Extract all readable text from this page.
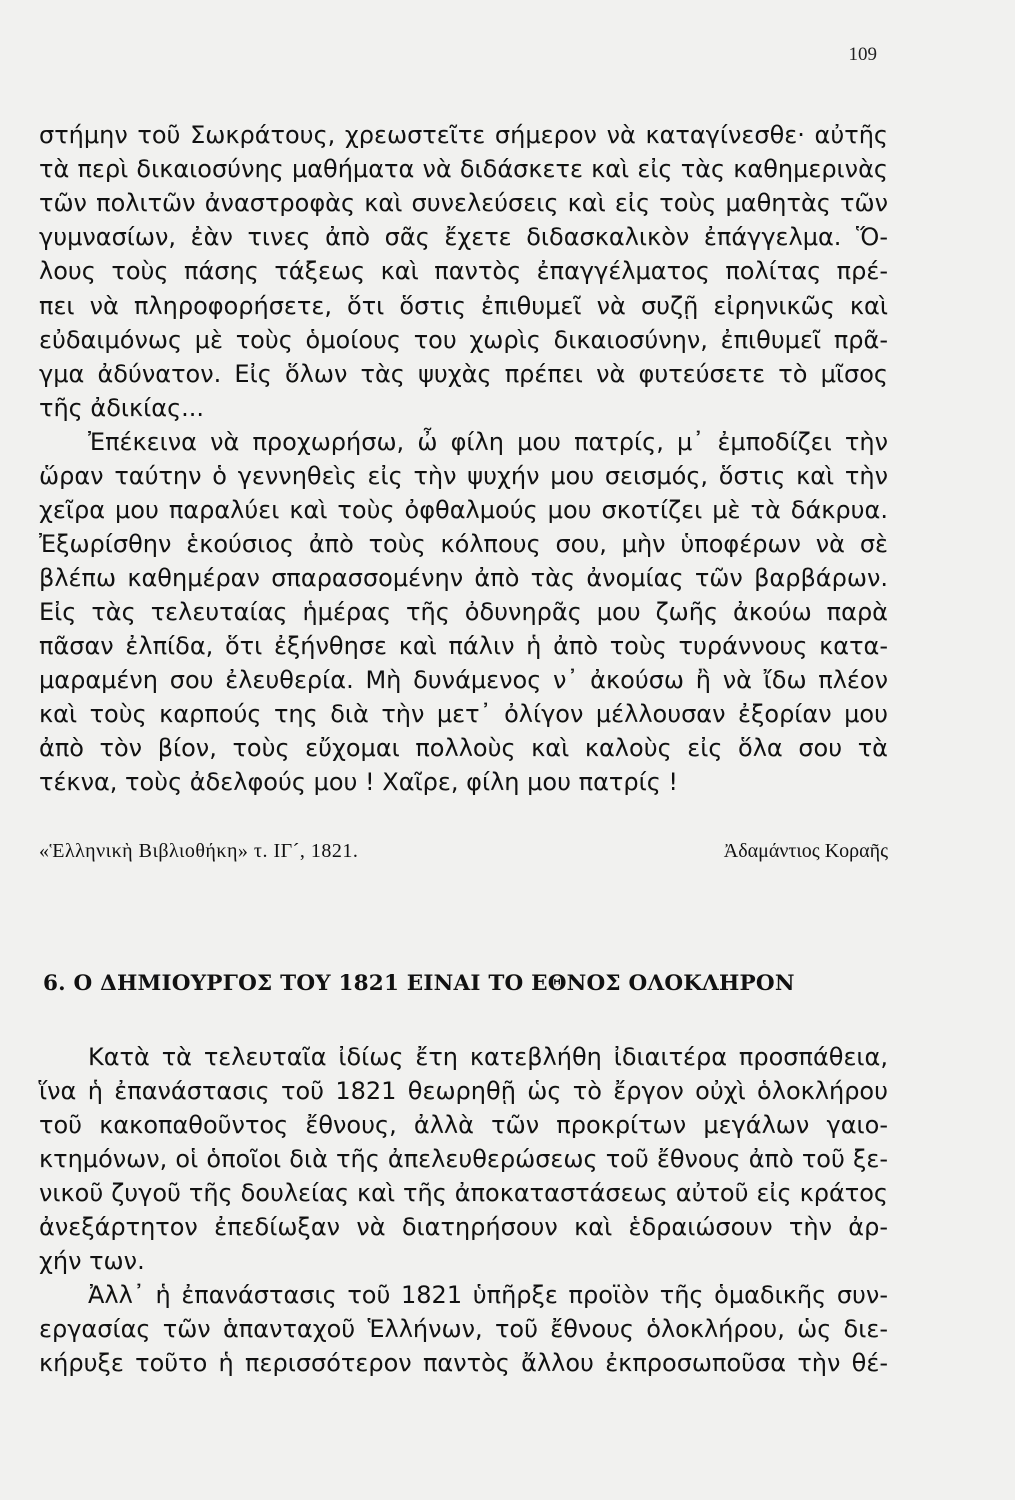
109
στήμην τοῦ Σωκράτους, χρεωστεῖτε σήμερον νὰ καταγίνεσθε· αὐτῆς
τὰ περὶ δικαιοσύνης μαθήματα νὰ διδάσκετε καὶ εἰς τὰς καθημερινὰς
τῶν πολιτῶν ἀναστροφὰς καὶ συνελεύσεις καὶ εἰς τοὺς μαθητὰς τῶν
γυμνασίων, ἐὰν τινες ἀπὸ σᾶς ἔχετε διδασκαλικὸν ἐπάγγελμα. Ὅ-
λους τοὺς πάσης τάξεως καὶ παντὸς ἐπαγγέλματος πολίτας πρέ-
πει νὰ πληροφορήσετε, ὅτι ὅστις ἐπιθυμεῖ νὰ συζῇ εἰρηνικῶς καὶ
εὐδαιμόνως μὲ τοὺς ὁμοίους του χωρὶς δικαιοσύνην, ἐπιθυμεῖ πρᾶ-
γμα ἀδύνατον. Εἰς ὅλων τὰς ψυχὰς πρέπει νὰ φυτεύσετε τὸ μῖσος
τῆς ἀδικίας...
Ἐπέκεινα νὰ προχωρήσω, ὦ φίλη μου πατρίς, μ᾽ ἐμποδίζει τὴν
ὥραν ταύτην ὁ γεννηθεὶς εἰς τὴν ψυχήν μου σεισμός, ὅστις καὶ τὴν
χεῖρα μου παραλύει καὶ τοὺς ὀφθαλμούς μου σκοτίζει μὲ τὰ δάκρυα.
Ἐξωρίσθην ἑκούσιος ἀπὸ τοὺς κόλπους σου, μὴν ὑποφέρων νὰ σὲ
βλέπω καθημέραν σπαρασσομένην ἀπὸ τὰς ἀνομίας τῶν βαρβάρων.
Εἰς τὰς τελευταίας ἡμέρας τῆς ὀδυνηρᾶς μου ζωῆς ἀκούω παρὰ
πᾶσαν ἐλπίδα, ὅτι ἐξήνθησε καὶ πάλιν ἡ ἀπὸ τοὺς τυράννους κατα-
μαραμένη σου ἐλευθερία. Μὴ δυνάμενος ν᾽ ἀκούσω ἢ νὰ ἴδω πλέον
καὶ τοὺς καρπούς της διὰ τὴν μετ᾽ ὀλίγον μέλλουσαν ἐξορίαν μου
ἀπὸ τὸν βίον, τοὺς εὔχομαι πολλοὺς καὶ καλοὺς εἰς ὅλα σου τὰ
τέκνα, τοὺς ἀδελφούς μου ! Χαῖρε, φίλη μου πατρίς !
«Ἑλληνικὴ Βιβλιοθήκη» τ. ΙΓ´, 1821.	Ἀδαμάντιος Κοραῆς
6. Ο ΔΗΜΙΟΥΡΓΟΣ ΤΟΥ 1821 ΕΙΝΑΙ ΤΟ ΕΘΝΟΣ ΟΛΟΚΛΗΡΟΝ
Κατὰ τὰ τελευταῖα ἰδίως ἔτη κατεβλήθη ἰδιαιτέρα προσπάθεια,
ἵνα ἡ ἐπανάστασις τοῦ 1821 θεωρηθῇ ὡς τὸ ἔργον οὐχὶ ὁλοκλήρου
τοῦ κακοπαθοῦντος ἔθνους, ἀλλὰ τῶν προκρίτων μεγάλων γαιο-
κτημόνων, οἱ ὁποῖοι διὰ τῆς ἀπελευθερώσεως τοῦ ἔθνους ἀπὸ τοῦ ξε-
νικοῦ ζυγοῦ τῆς δουλείας καὶ τῆς ἀποκαταστάσεως αὐτοῦ εἰς κράτος
ἀνεξάρτητον ἐπεδίωξαν νὰ διατηρήσουν καὶ ἑδραιώσουν τὴν ἀρ-
χήν των.
Ἀλλ᾽ ἡ ἐπανάστασις τοῦ 1821 ὑπῆρξε προϊὸν τῆς ὁμαδικῆς συν-
εργασίας τῶν ἁπανταχοῦ Ἑλλήνων, τοῦ ἔθνους ὁλοκλήρου, ὡς διε-
κήρυξε τοῦτο ἡ περισσότερον παντὸς ἄλλου ἐκπροσωποῦσα τὴν θέ-
